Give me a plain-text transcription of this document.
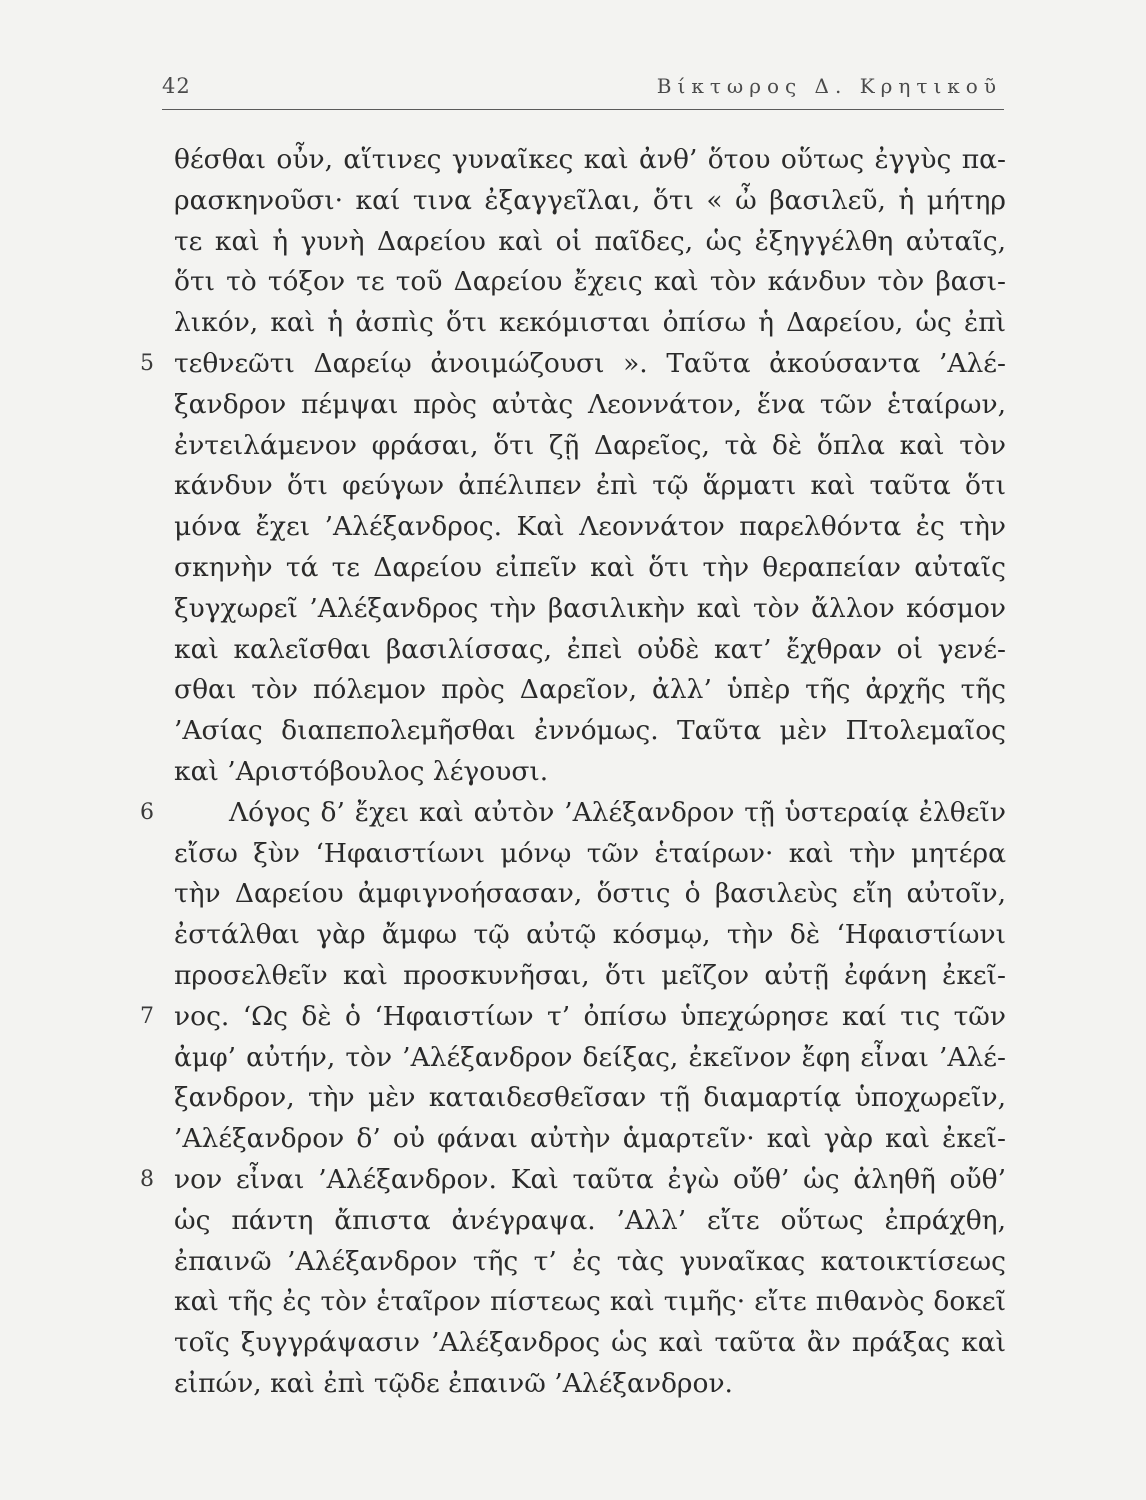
42	Βίκτωρος Δ. Κρητικοῦ
θέσθαι οὖν, αἵτινες γυναῖκες καὶ ἀνθ’ ὅτου οὕτως ἐγγὺς πα-
ρασκηνοῦσι· καί τινα ἐξαγγεῖλαι, ὅτι « ὦ βασιλεῦ, ἡ μήτηρ
τε καὶ ἡ γυνὴ Δαρείου καὶ οἱ παῖδες, ὡς ἐξηγγέλθη αὐταῖς,
ὅτι τὸ τόξον τε τοῦ Δαρείου ἔχεις καὶ τὸν κάνδυν τὸν βασι-
λικόν, καὶ ἡ ἀσπὶς ὅτι κεκόμισται ὀπίσω ἡ Δαρείου, ὡς ἐπὶ
5 τεθνεῶτι Δαρείῳ ἀνοιμώζουσι ». Ταῦτα ἀκούσαντα ’Αλέ-
ξανδρον πέμψαι πρὸς αὐτὰς Λεοννάτον, ἕνα τῶν ἑταίρων,
ἐντειλάμενον φράσαι, ὅτι ζῇ Δαρεῖος, τὰ δὲ ὅπλα καὶ τὸν
κάνδυν ὅτι φεύγων ἀπέλιπεν ἐπὶ τῷ ἅρματι καὶ ταῦτα ὅτι
μόνα ἔχει ’Αλέξανδρος. Καὶ Λεοννάτον παρελθόντα ἐς τὴν
σκηνὴν τά τε Δαρείου εἰπεῖν καὶ ὅτι τὴν θεραπείαν αὐταῖς
ξυγχωρεῖ ’Αλέξανδρος τὴν βασιλικὴν καὶ τὸν ἄλλον κόσμον
καὶ καλεῖσθαι βασιλίσσας, ἐπεὶ οὐδὲ κατ’ ἔχθραν οἱ γενέ-
σθαι τὸν πόλεμον πρὸς Δαρεῖον, ἀλλ’ ὑπὲρ τῆς ἀρχῆς τῆς
’Ασίας διαπεπολεμῆσθαι ἐννόμως. Ταῦτα μὲν Πτολεμαῖος
καὶ ’Αριστόβουλος λέγουσι.
6	Λόγος δ’ ἔχει καὶ αὐτὸν ’Αλέξανδρον τῇ ὑστεραίᾳ ἐλθεῖν
εἴσω ξὺν ‘Ηφαιστίωνι μόνῳ τῶν ἑταίρων· καὶ τὴν μητέρα
τὴν Δαρείου ἀμφιγνοήσασαν, ὅστις ὁ βασιλεὺς εἴη αὐτοῖν,
ἐστάλθαι γὰρ ἄμφω τῷ αὐτῷ κόσμῳ, τὴν δὲ ‘Ηφαιστίωνι
προσελθεῖν καὶ προσκυνῆσαι, ὅτι μεῖζον αὐτῇ ἐφάνη ἐκεῖ-
7 νος. ‘Ως δὲ ὁ ‘Ηφαιστίων τ’ ὀπίσω ὑπεχώρησε καί τις τῶν
ἀμφ’ αὐτήν, τὸν ’Αλέξανδρον δείξας, ἐκεῖνον ἔφη εἶναι ’Αλέ-
ξανδρον, τὴν μὲν καταιδεσθεῖσαν τῇ διαμαρτίᾳ ὑποχωρεῖν,
’Αλέξανδρον δ’ οὐ φάναι αὐτὴν ἁμαρτεῖν· καὶ γὰρ καὶ ἐκεῖ-
8 νον εἶναι ’Αλέξανδρον. Καὶ ταῦτα ἐγὼ οὔθ’ ὡς ἀληθῆ οὔθ’
ὡς πάντη ἄπιστα ἀνέγραψα. ’Αλλ’ εἴτε οὕτως ἐπράχθη,
ἐπαινῶ ’Αλέξανδρον τῆς τ’ ἐς τὰς γυναῖκας κατοικτίσεως
καὶ τῆς ἐς τὸν ἑταῖρον πίστεως καὶ τιμῆς· εἴτε πιθανὸς δοκεῖ
τοῖς ξυγγράψασιν ’Αλέξανδρος ὡς καὶ ταῦτα ἂν πράξας καὶ
εἰπών, καὶ ἐπὶ τῷδε ἐπαινῶ ’Αλέξανδρον.
